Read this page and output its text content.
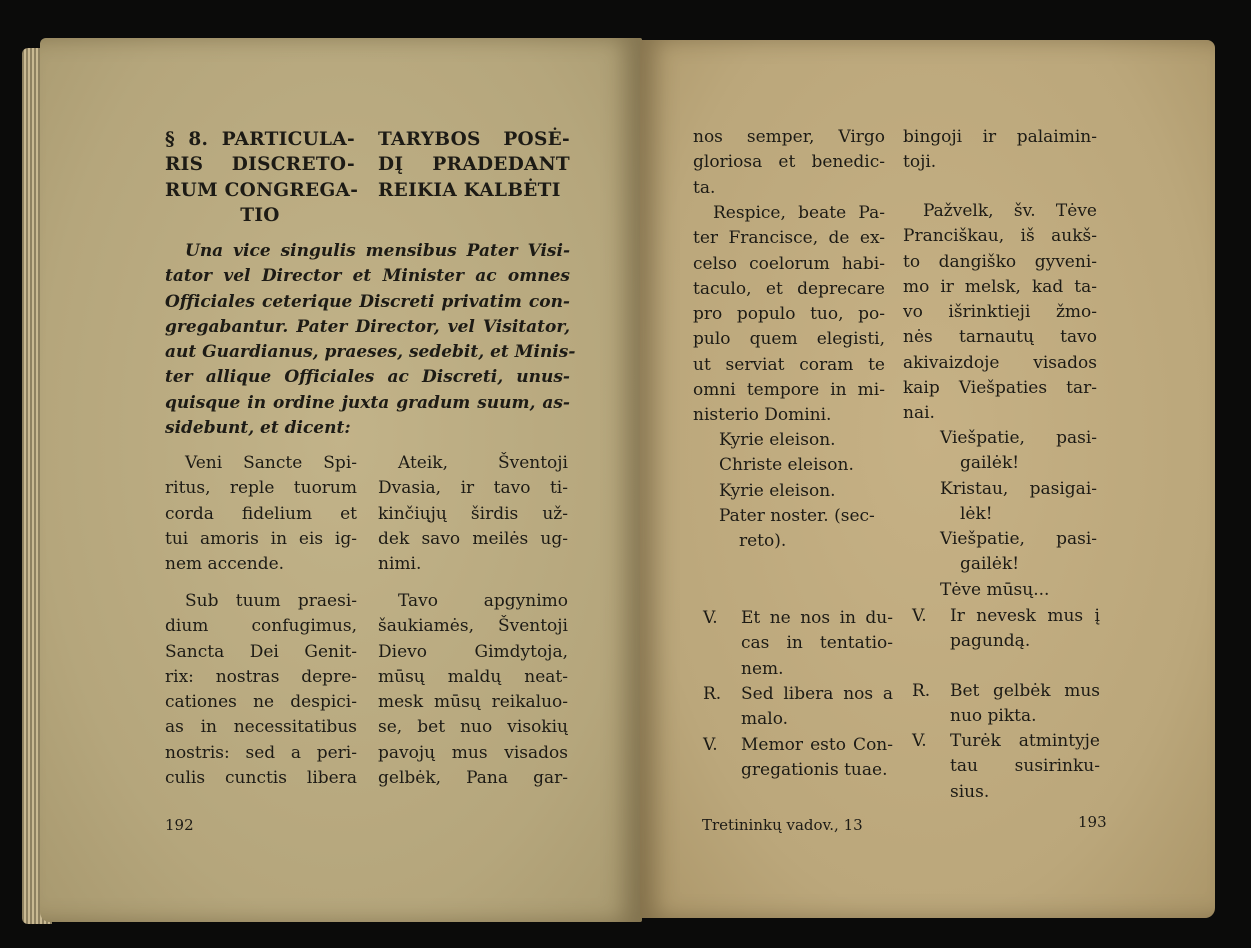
192	Tretininkų vadov., 13	193
§ 8. PARTICULA-
RIS DISCRETO-
RUM CONGREGA-
TIO
TARYBOS POSĖ-
DĮ PRADEDANT
REIKIA KALBĖTI
Una vice singulis mensibus Pater Visi-
tator vel Director et Minister ac omnes
Officiales ceterique Discreti privatim con-
gregabantur. Pater Director, vel Visitator,
aut Guardianus, praeses, sedebit, et Minis-
ter allique Officiales ac Discreti, unus-
quisque in ordine juxta gradum suum, as-
sidebunt, et dicent:
Veni Sancte Spi-
ritus, reple tuorum
corda fidelium et
tui amoris in eis ig-
nem accende.
Sub tuum praesi-
dium confugimus,
Sancta Dei Genit-
rix: nostras depre-
cationes ne despici-
as in necessitatibus
nostris: sed a peri-
culis cunctis libera
Ateik, Šventoji
Dvasia, ir tavo ti-
kinčiųjų širdis už-
dek savo meilės ug-
nimi.
Tavo apgynimo
šaukiamės, Šventoji
Dievo Gimdytoja,
mūsų maldų neat-
mesk mūsų reikaluo-
se, bet nuo visokių
pavojų mus visados
gelbėk, Pana gar-
nos semper, Virgo
gloriosa et benedic-
ta.
Respice, beate Pa-
ter Francisce, de ex-
celso coelorum habi-
taculo, et deprecare
pro populo tuo, po-
pulo quem elegisti,
ut serviat coram te
omni tempore in mi-
nisterio Domini.
Kyrie eleison.
Christe eleison.
Kyrie eleison.
Pater noster. (sec-
reto).
V. Et ne nos in du-
cas in tentatio-
nem.
R. Sed libera nos a
malo.
V. Memor esto Con-
gregationis tuae.
bingoji ir palaimin-
toji.
Pažvelk, šv. Tėve
Pranciškau, iš aukš-
to dangiško gyveni-
mo ir melsk, kad ta-
vo išrinktieji žmo-
nės tarnautų tavo
akivaizdoje visados
kaip Viešpaties tar-
nai.
Viešpatie, pasi-
gailėk!
Kristau, pasigai-
lėk!
Viešpatie, pasi-
gailėk!
Tėve mūsų...
V. Ir nevesk mus į
pagundą.
R. Bet gelbėk mus
nuo pikta.
V. Turėk atmintyje
tau susirinku-
sius.
